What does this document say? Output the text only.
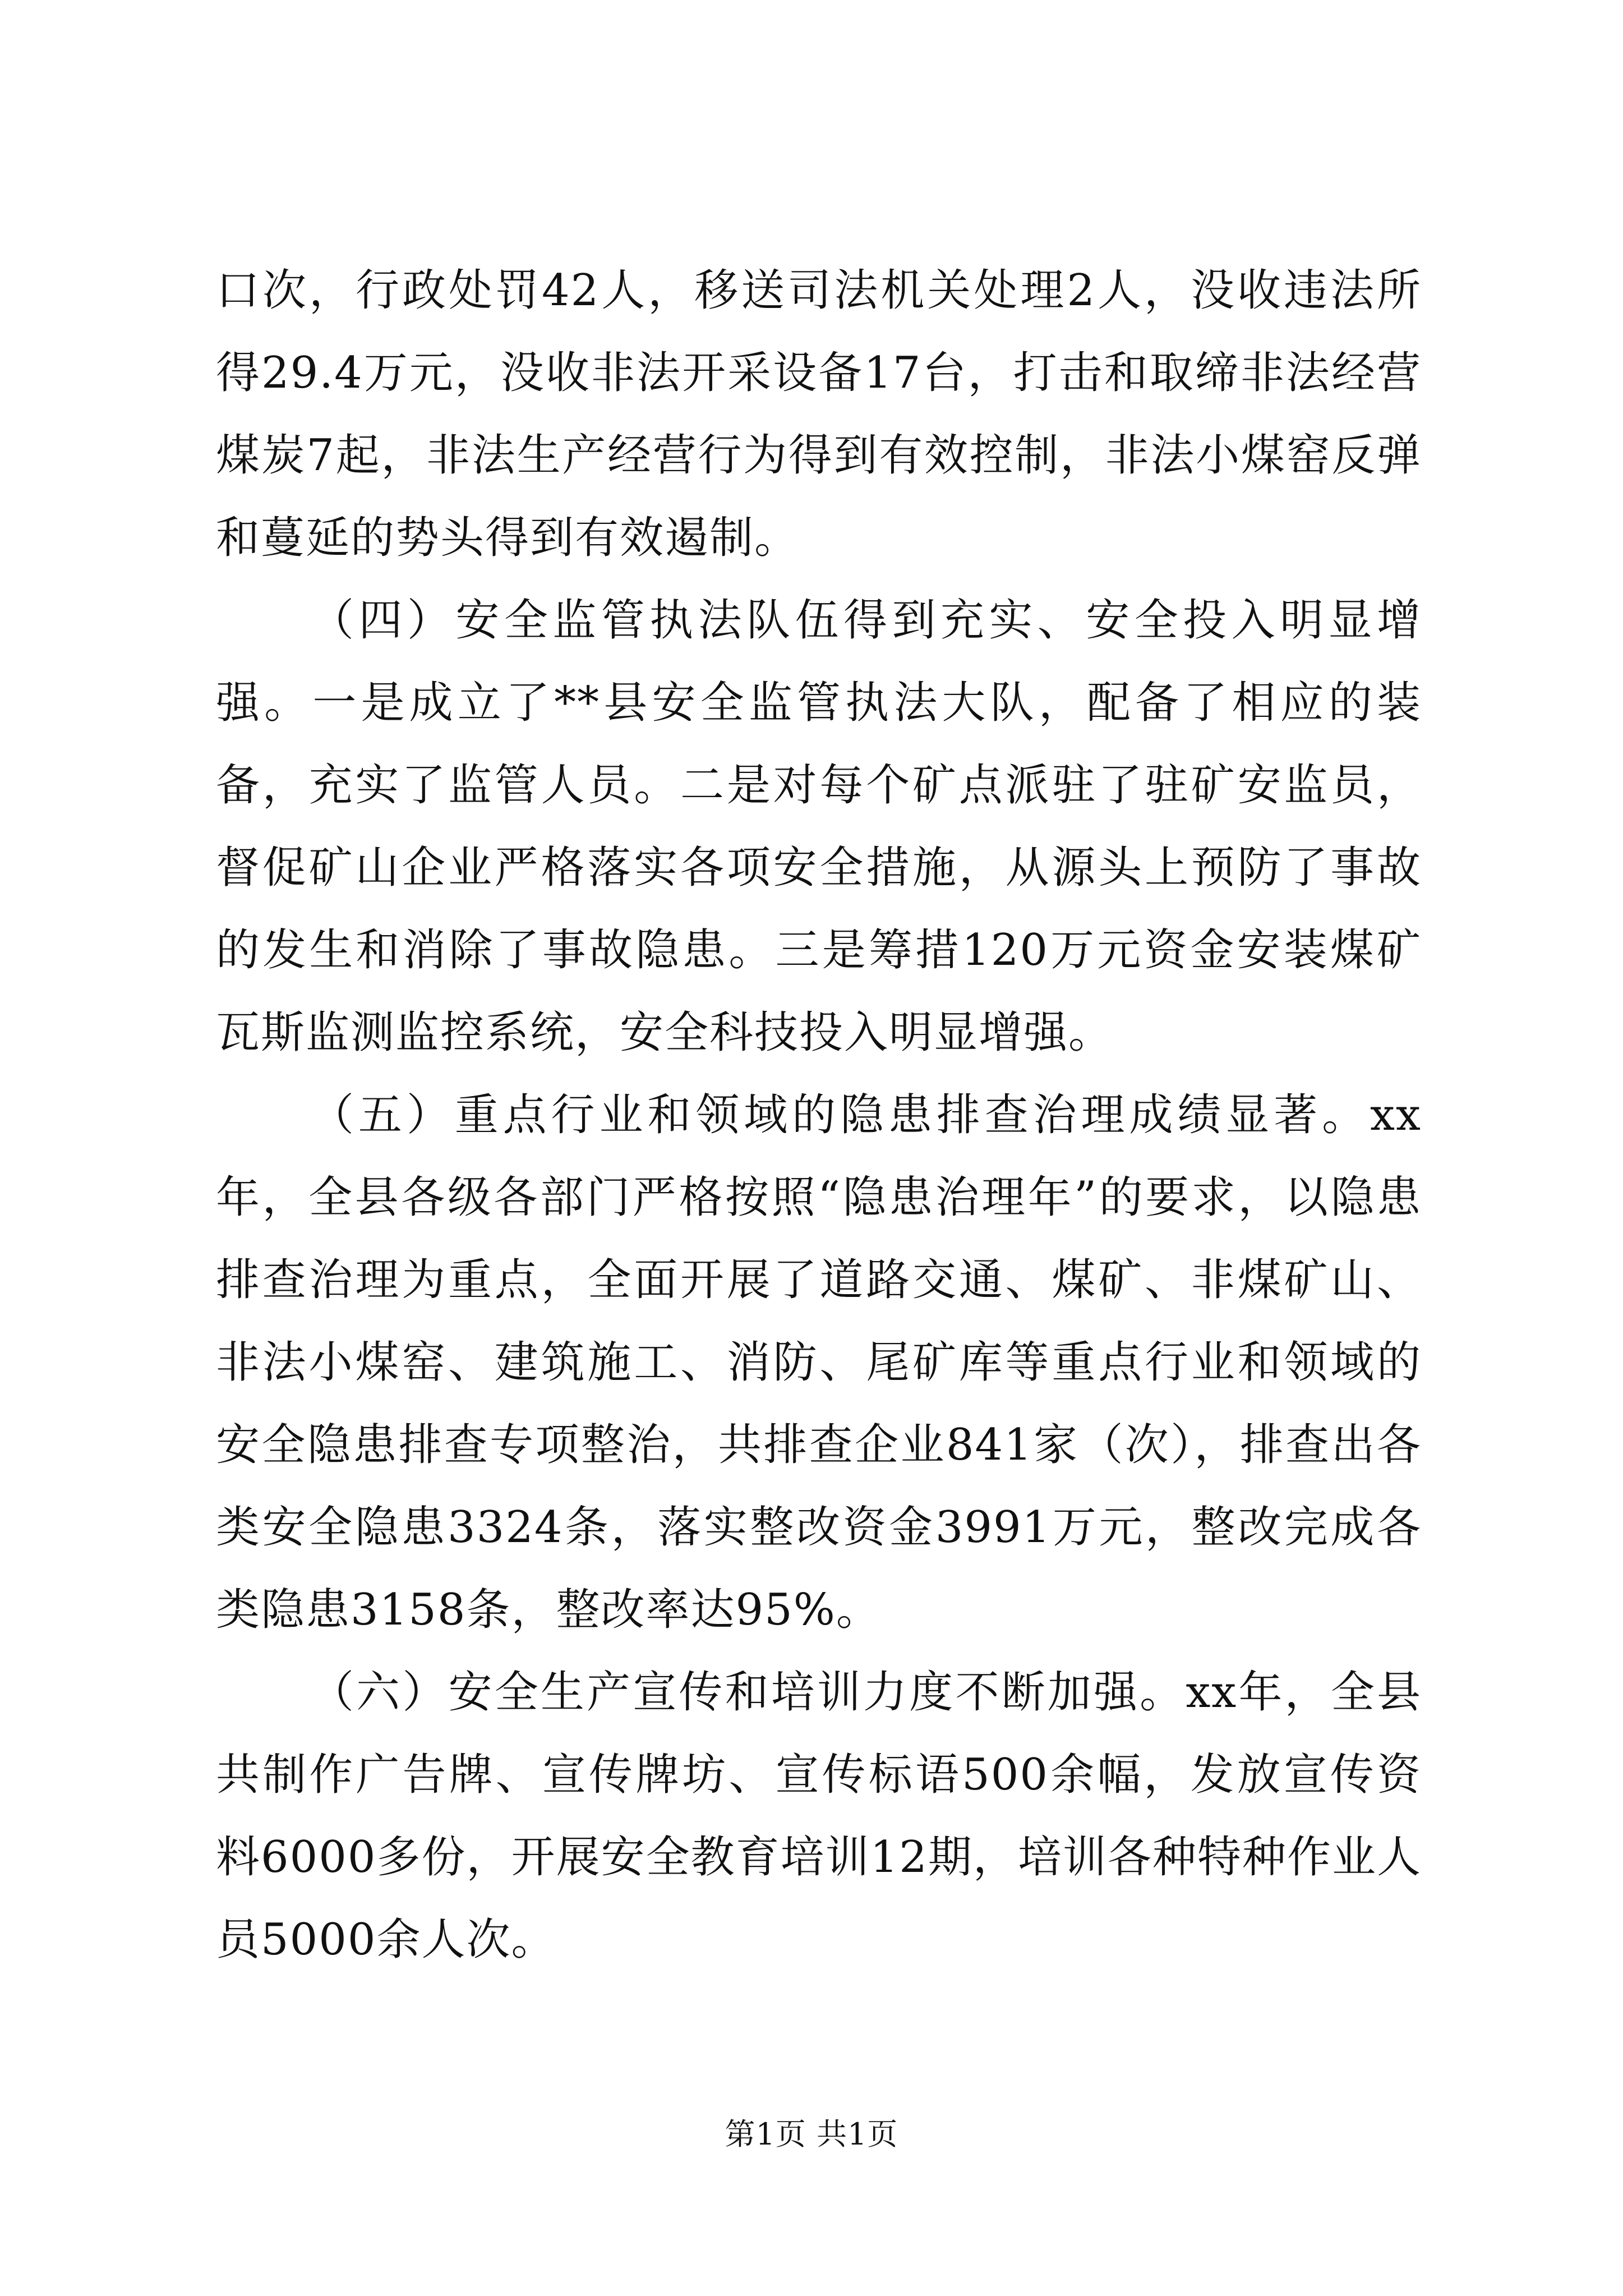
口次，行政处罚42人，移送司法机关处理2人，没收违法所得29.4万元，没收非法开采设备17台，打击和取缔非法经营煤炭7起，非法生产经营行为得到有效控制，非法小煤窑反弹和蔓延的势头得到有效遏制。

（四）安全监管执法队伍得到充实、安全投入明显增强。一是成立了**县安全监管执法大队，配备了相应的装备，充实了监管人员。二是对每个矿点派驻了驻矿安监员，督促矿山企业严格落实各项安全措施，从源头上预防了事故的发生和消除了事故隐患。三是筹措120万元资金安装煤矿瓦斯监测监控系统，安全科技投入明显增强。

（五）重点行业和领域的隐患排查治理成绩显著。xx年，全县各级各部门严格按照“隐患治理年”的要求，以隐患排查治理为重点，全面开展了道路交通、煤矿、非煤矿山、非法小煤窑、建筑施工、消防、尾矿库等重点行业和领域的安全隐患排查专项整治，共排查企业841家（次），排查出各类安全隐患3324条，落实整改资金3991万元，整改完成各类隐患3158条，整改率达95%。

（六）安全生产宣传和培训力度不断加强。xx年，全县共制作广告牌、宣传牌坊、宣传标语500余幅，发放宣传资料6000多份，开展安全教育培训12期，培训各种特种作业人员5000余人次。

第1页 共1页
